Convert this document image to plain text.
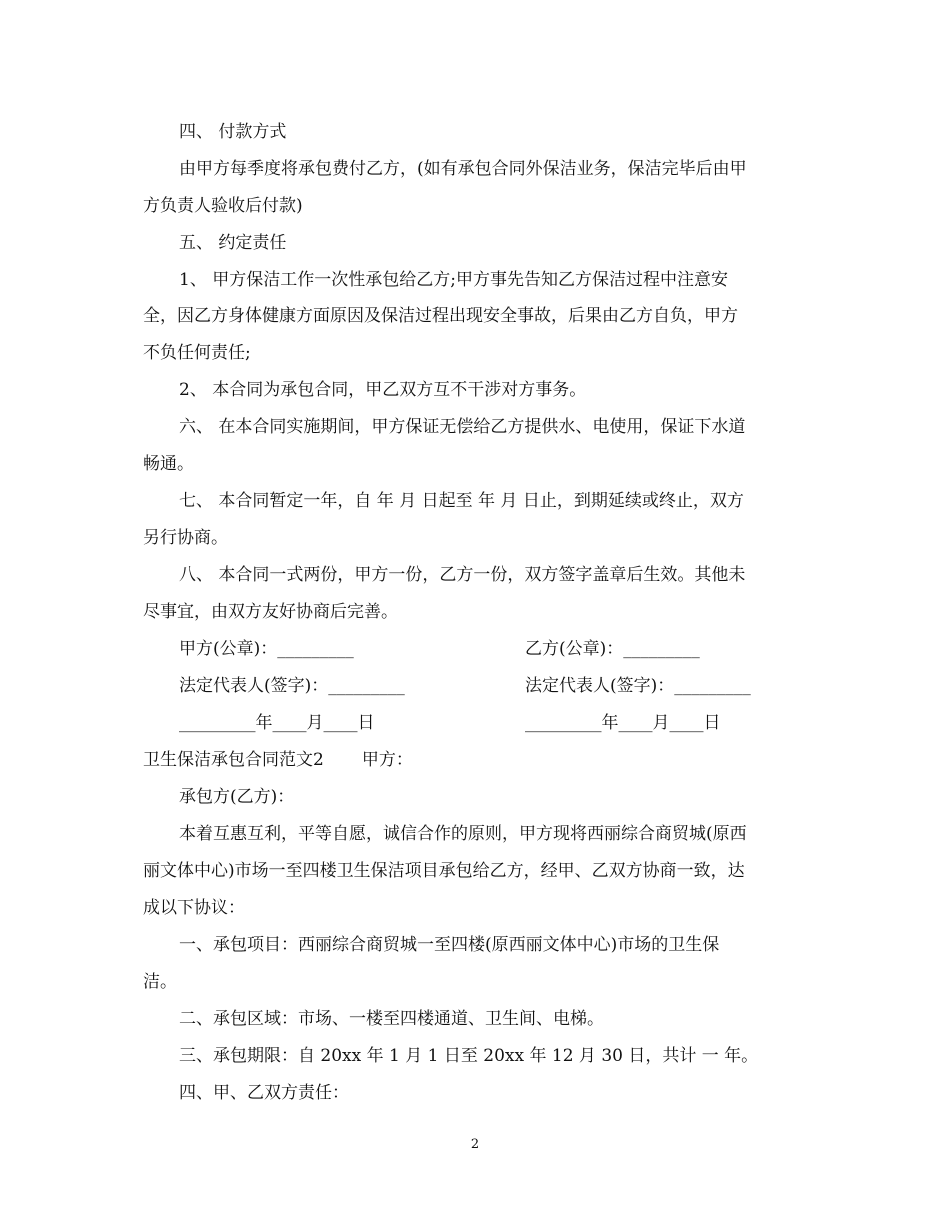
四、 付款方式
由甲方每季度将承包费付乙方，(如有承包合同外保洁业务，保洁完毕后由甲
方负责人验收后付款)
五、 约定责任
1、 甲方保洁工作一次性承包给乙方;甲方事先告知乙方保洁过程中注意安
全，因乙方身体健康方面原因及保洁过程出现安全事故，后果由乙方自负，甲方
不负任何责任;
2、 本合同为承包合同，甲乙双方互不干涉对方事务。
六、 在本合同实施期间，甲方保证无偿给乙方提供水、电使用，保证下水道
畅通。
七、 本合同暂定一年，自 年 月 日起至 年 月 日止，到期延续或终止，双方
另行协商。
八、 本合同一式两份，甲方一份，乙方一份，双方签字盖章后生效。其他未
尽事宜，由双方友好协商后完善。
甲方(公章)：_________	乙方(公章)：_________
法定代表人(签字)：_________	法定代表人(签字)：_________
_________年____月____日	_________年____月____日
卫生保洁承包合同范文2 甲方：
承包方(乙方)：
本着互惠互利，平等自愿，诚信合作的原则，甲方现将西丽综合商贸城(原西
丽文体中心)市场一至四楼卫生保洁项目承包给乙方，经甲、乙双方协商一致，达
成以下协议：
一、承包项目：西丽综合商贸城一至四楼(原西丽文体中心)市场的卫生保
洁。
二、承包区域：市场、一楼至四楼通道、卫生间、电梯。
三、承包期限：自 20xx 年 1 月 1 日至 20xx 年 12 月 30 日，共计 一 年。
四、甲、乙双方责任：
2
